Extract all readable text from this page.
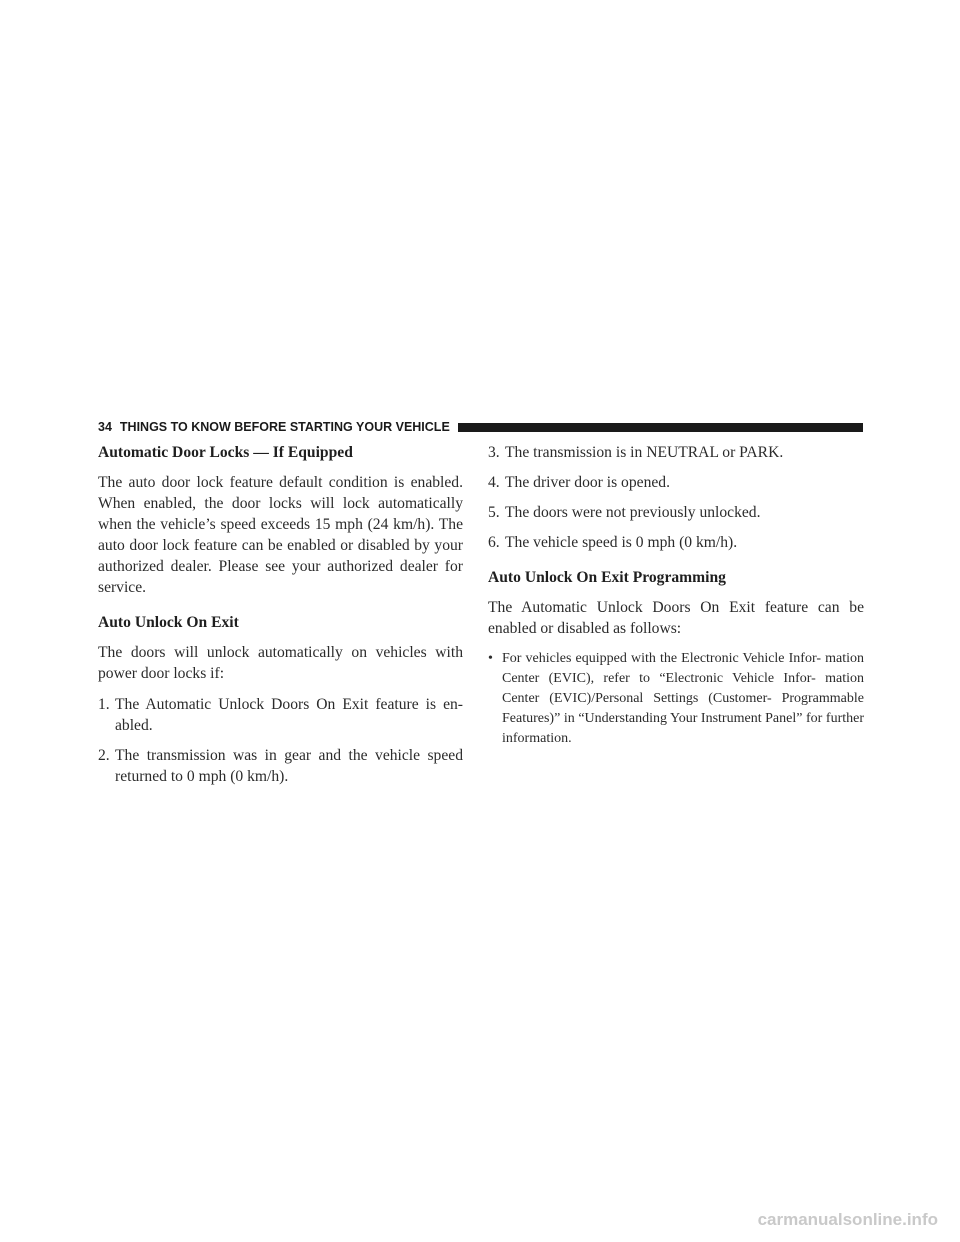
34 THINGS TO KNOW BEFORE STARTING YOUR VEHICLE
Automatic Door Locks — If Equipped

The auto door lock feature default condition is enabled. When enabled, the door locks will lock automatically when the vehicle’s speed exceeds 15 mph (24 km/h). The auto door lock feature can be enabled or disabled by your authorized dealer. Please see your authorized dealer for service.

Auto Unlock On Exit

The doors will unlock automatically on vehicles with power door locks if:

1. The Automatic Unlock Doors On Exit feature is en- abled.
2. The transmission was in gear and the vehicle speed returned to 0 mph (0 km/h).
3. The transmission is in NEUTRAL or PARK.
4. The driver door is opened.
5. The doors were not previously unlocked.
6. The vehicle speed is 0 mph (0 km/h).
Auto Unlock On Exit Programming

The Automatic Unlock Doors On Exit feature can be enabled or disabled as follows:

• For vehicles equipped with the Electronic Vehicle Infor- mation Center (EVIC), refer to “Electronic Vehicle Infor- mation Center (EVIC)/Personal Settings (Customer- Programmable Features)” in “Understanding Your Instrument Panel” for further information.
carmanualsonline.info
